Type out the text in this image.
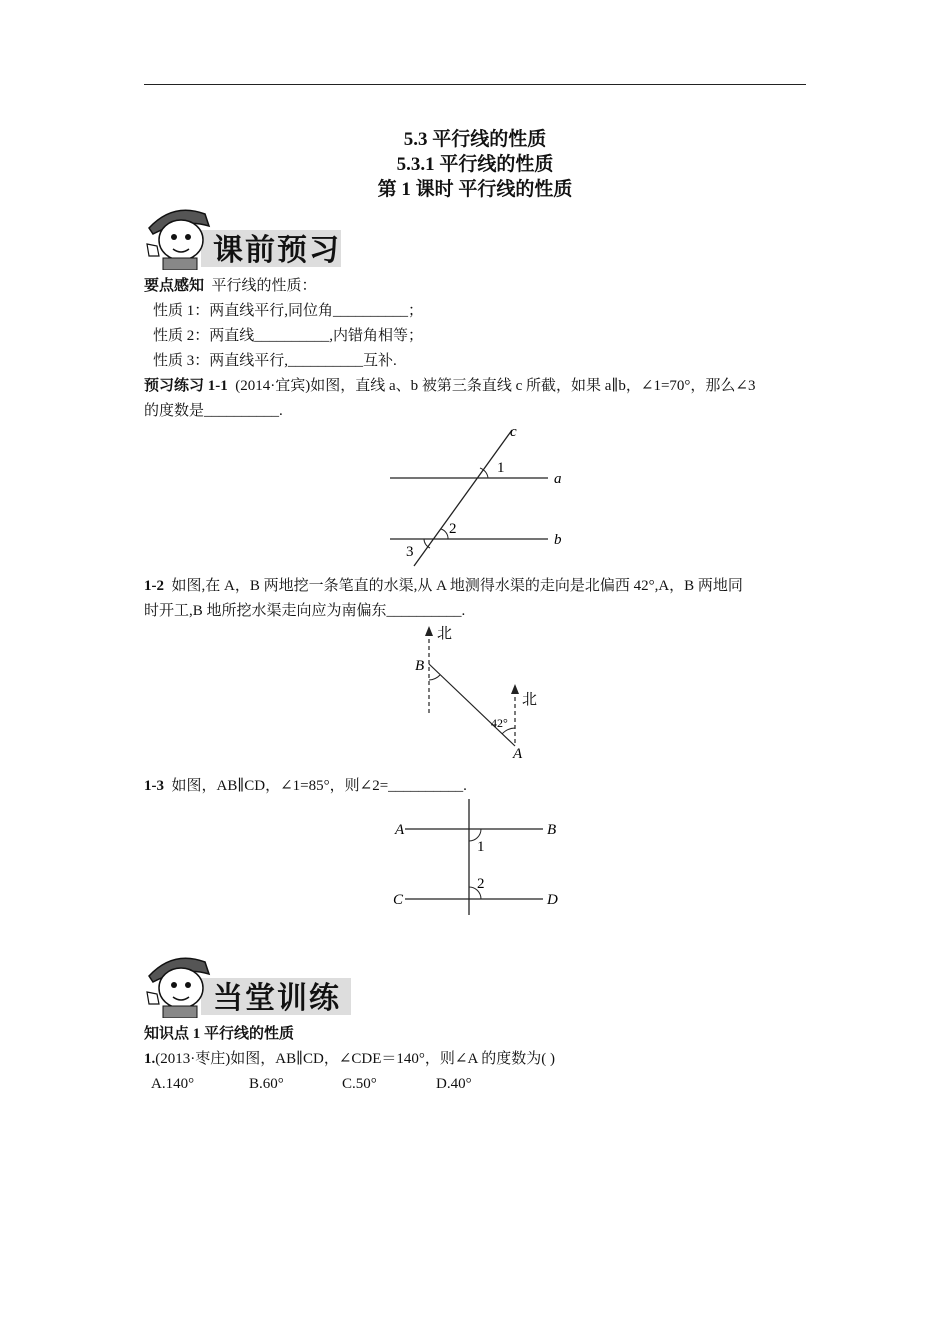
5.3 平行线的性质
5.3.1 平行线的性质
第 1 课时 平行线的性质
课前预习
要点感知 平行线的性质：
性质 1：两直线平行,同位角__________；
性质 2：两直线__________,内错角相等；
性质 3：两直线平行,__________互补.
预习练习 1-1 (2014·宜宾)如图，直线 a、b 被第三条直线 c 所截，如果 a∥b，∠1=70°，那么∠3
的度数是__________.
c
a
b
1
2
3
1-2 如图,在 A，B 两地挖一条笔直的水渠,从 A 地测得水渠的走向是北偏西 42°,A，B 两地同
时开工,B 地所挖水渠走向应为南偏东__________.
北
北
B
A
42°
1-3 如图，AB∥CD，∠1=85°，则∠2=__________.
A	B
C	D
1
2
当堂训练
知识点 1 平行线的性质
1.(2013·枣庄)如图，AB∥CD，∠CDE＝140°，则∠A 的度数为( )
A.140°	B.60°	C.50°	D.40°
